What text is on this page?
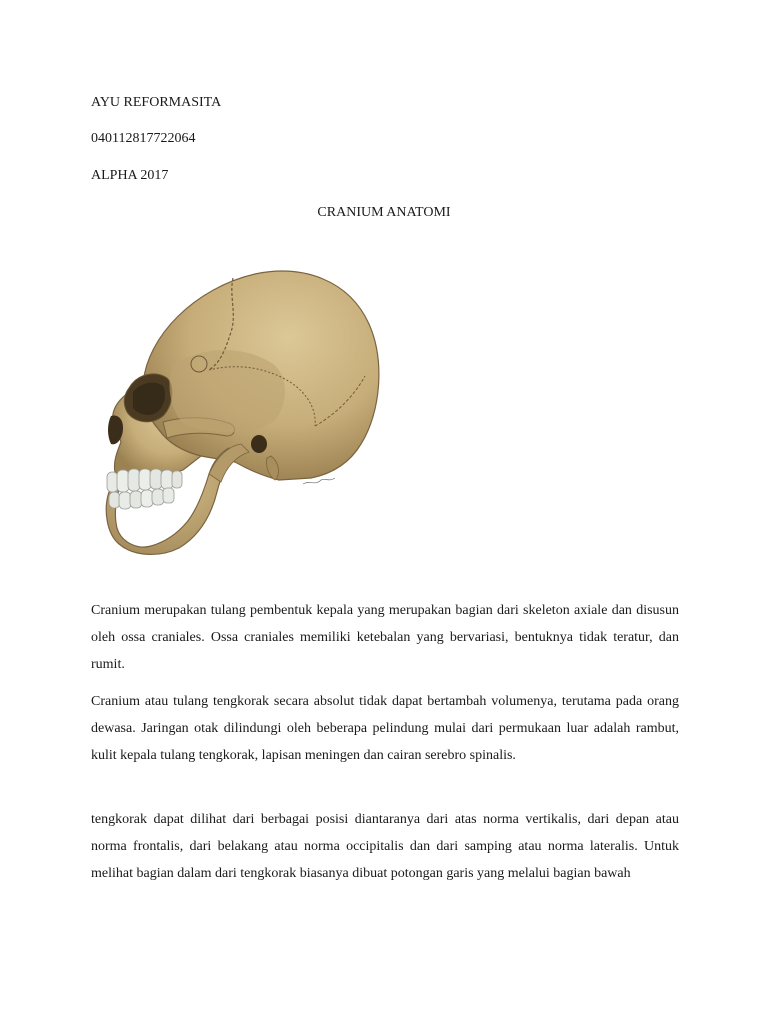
AYU REFORMASITA
040112817722064
ALPHA 2017
CRANIUM ANATOMI

Cranium merupakan tulang pembentuk kepala yang merupakan bagian dari skeleton axiale dan disusun oleh ossa craniales. Ossa craniales memiliki ketebalan yang bervariasi, bentuknya tidak teratur, dan rumit.

Cranium atau tulang tengkorak secara absolut tidak dapat bertambah volumenya, terutama pada orang dewasa. Jaringan otak dilindungi oleh beberapa pelindung mulai dari permukaan luar adalah rambut, kulit kepala tulang tengkorak, lapisan meningen dan cairan serebro spinalis.

tengkorak dapat dilihat dari berbagai posisi diantaranya dari atas norma vertikalis, dari depan atau norma frontalis, dari belakang atau norma occipitalis dan dari samping atau norma lateralis. Untuk melihat bagian dalam dari tengkorak biasanya dibuat potongan garis yang melalui bagian bawah
